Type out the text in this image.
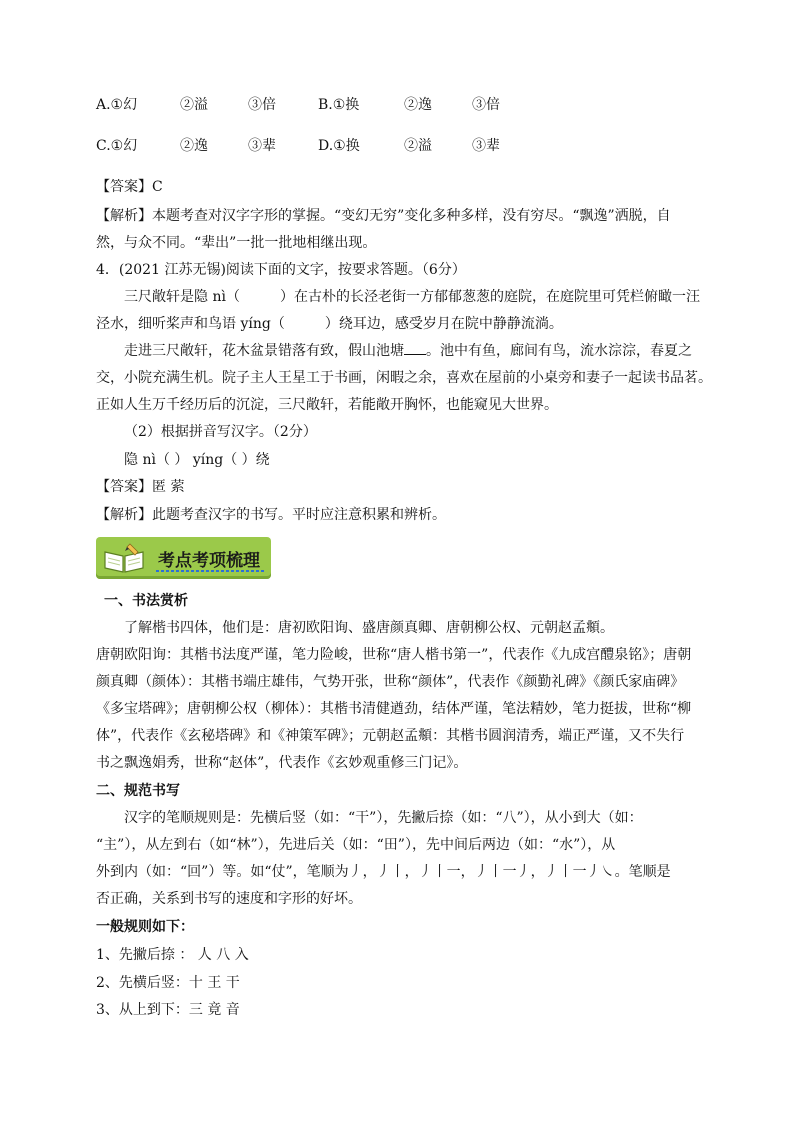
A.①幻	②溢	③倍	B.①换	②逸	③倍
C.①幻	②逸	③辈	D.①换	②溢	③辈
【答案】C
【解析】本题考查对汉字字形的掌握。“变幻无穷”变化多种多样，没有穷尽。“飘逸”洒脱，自
然，与众不同。“辈出”一批一批地相继出现。
4．(2021 江苏无锡)阅读下面的文字，按要求答题。（6分）
三尺敞轩是隐 nì（	）在古朴的长泾老街一方郁郁葱葱的庭院，在庭院里可凭栏俯瞰一汪
泾水，细听桨声和鸟语 yíng（	）绕耳边，感受岁月在院中静静流淌。
走进三尺敞轩，花木盆景错落有致，假山池塘 。池中有鱼，廊间有鸟，流水淙淙，春夏之
交，小院充满生机。院子主人王星工于书画，闲暇之余，喜欢在屋前的小桌旁和妻子一起读书品茗。
正如人生万千经历后的沉淀，三尺敞轩，若能敞开胸怀，也能窥见大世界。
（2）根据拼音写汉字。（2分）
隐 nì（ ） yíng（ ）绕
【答案】匿 萦
【解析】此题考查汉字的书写。平时应注意积累和辨析。
考点考项梳理
一、书法赏析
了解楷书四体，他们是：唐初欧阳询、盛唐颜真卿、唐朝柳公权、元朝赵孟頫。
唐朝欧阳询：其楷书法度严谨，笔力险峻，世称“唐人楷书第一”，代表作《九成宫醴泉铭》；唐朝
颜真卿（颜体）：其楷书端庄雄伟，气势开张，世称“颜体”，代表作《颜勤礼碑》《颜氏家庙碑》
《多宝塔碑》；唐朝柳公权（柳体）：其楷书清健遒劲，结体严谨，笔法精妙，笔力挺拔，世称“柳
体”，代表作《玄秘塔碑》和《神策军碑》；元朝赵孟頫：其楷书圆润清秀，端正严谨，又不失行
书之飘逸娟秀，世称“赵体”，代表作《玄妙观重修三门记》。
二、规范书写
汉字的笔顺规则是：先横后竖（如：“干”），先撇后捺（如：“八”），从小到大（如：
“主”），从左到右（如“林”），先进后关（如：“田”），先中间后两边（如：“水”），从
外到内（如：“回”）等。如“仗”，笔顺为丿，丿丨，丿丨一，丿丨一丿，丿丨一丿㇏。笔顺是
否正确，关系到书写的速度和字形的好坏。
一般规则如下：
1、先撇后捺 ： 人 八 入
2、先横后竖：十 王 干
3、从上到下：三 竟 音
